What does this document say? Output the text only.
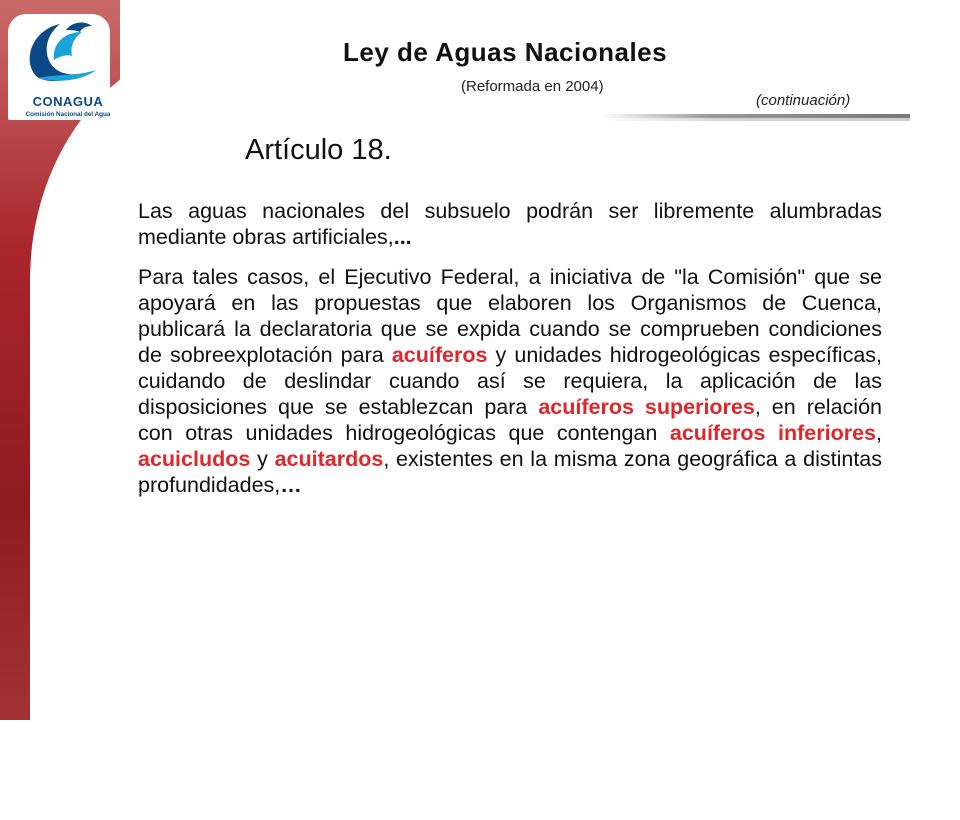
CONAGUA
Comisión Nacional del Agua
Ley de Aguas Nacionales
(Reformada en 2004)
(continuación)
Artículo 18.

Las aguas nacionales del subsuelo podrán ser libremente alumbradas mediante obras artificiales,...

Para tales casos, el Ejecutivo Federal, a iniciativa de "la Comisión" que se apoyará en las propuestas que elaboren los Organismos de Cuenca, publicará la declaratoria que se expida cuando se comprueben condiciones de sobreexplotación para acuíferos y unidades hidrogeológicas específicas, cuidando de deslindar cuando así se requiera, la aplicación de las disposiciones que se establezcan para acuíferos superiores, en relación con otras unidades hidrogeológicas que contengan acuíferos inferiores, acuicludos y acuitardos, existentes en la misma zona geográfica a distintas profundidades,…
